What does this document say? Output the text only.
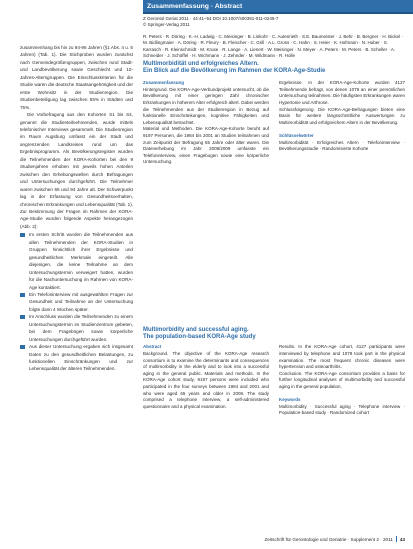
zusammenhang bis hin zu 94-96 Jahren (§1 Abs. 4 u. 5 Jahren) (Tab. 1). Die Stichproben wurden zunächst nach Gemeindegrößengruppen, zwischen rund Stadt- und Landbevölkerung sowie Geschlecht und 10-Jahres-Altersgruppen. Die Einschlusskriterien für die Studie waren die deutsche Staatsangehörigkeit und der erste Wohnsitz in der Studienregion. Die Studienbeteiligung lag zwischen 55% in Städten und 75%.

Die Vorbefragung aus den Kohorten S1 bis S4, genannt die Studienteilnehmenden, wurde mittels telefonischer Interviews gesammelt. Die Studienregion im Raum Augsburg umfasst ein der Stadt und angrenzenden Landkreisen rund um das Ergebnisprogramm. Als Bevölkerungsregister wurden die Teilnehmenden der KORA-Kohorten bei den 9 Studienjahren erhoben mit jeweils hohen Anteilen zwischen den Erhebungswellen durch Befragungen und Untersuchungen durchgeführt. Die Teilnehmer waren zwischen 65 und 94 Jahre alt. Der Schwerpunkt lag in der Erfassung von Gesundheitsverhalten, chronischen Erkrankungen und Lebensqualität (Tab. 1). Zur Bestimmung der Fragen im Rahmen der KORA-Age-Studie wurden folgende Aspekte herangezogen (Abb. 2):

Im ersten Schritt wurden die Teilnehmenden aus allen Teilnehmenden der KORA-Studien in Gruppen hinsichtlich ihrer Ergebnisse und gesundheitlichen Merkmale eingeteilt. Alle diejenigen, die keine Teilnahme an dem Untersuchungstermin verweigert hatten, wurden für die Nachuntersuchung im Rahmen von KORA-Age kontaktiert.
Ein Telefoninterview mit ausgewählten Fragen zur Gesundheit und Teilnahme an der Untersuchung folgte dann 4 Wochen später.
Im Anschluss wurden die Teilnehmenden zu einem Untersuchungstermin im Studienzentrum gebeten, bei dem Fragebögen sowie körperliche Untersuchungen durchgeführt wurden.
Aus dieser Untersuchung ergaben sich insgesamt Daten zu den gesundheitlichen Belastungen, zu funktionellen Einschränkungen und zur Lebensqualität der älteren Teilnehmenden.
Zusammenfassung · Abstract
Z Gerontol Geriat 2011 · 44:41–54 DOI 10.1007/s00391-011-0245-7
© Springer-Verlag 2011
R. Peters · R. Döring · K.-H. Ladwig · C. Meisinger · B. Linkohr · C. Autenrieth · S.E. Baumeister · J. Behr · B. Bergner · H. Bickel · M. Bidlingmaier · A. Döring · R. Fleury · B. Fleischer · C. Grill · A.L. Gross · C. Hahn · S. Heier · K. Hofmann · N. Huber · S. Karrasch · R. Kleinschmidt · M. Kruse · R. Lange · A. Lienert · W. Meisinger · N. Meyer · A. Peters · M. Peters · B. Scheller · A. Schneider · J. Schöffel · H. Wichmann · J. Zehnder · M. Wildmann · R. Holle
Multimorbidität und erfolgreiches Altern.
Ein Blick auf die Bevölkerung im Rahmen der KORA-Age-Studie
Zusammenfassung

Hintergrund. Die KORA-Age-Verbundprojekt untersucht, ob die Bevölkerung mit einer geringen Zahl chronischer Erkrankungen in höherem Alter erfolgreich altert. Dabei werden die Teilnehmenden aus der Studienregion in Bezug auf funktionelle Einschränkungen, kognitive Fähigkeiten und Lebensqualität betrachtet.

Material und Methoden. Die KORA-Age-Kohorte beruht auf 9197 Personen, die 1984 bis 2001 an Studien teilnahmen und zum Zeitpunkt der Befragung 65 Jahre oder älter waren. Die Datenerhebung im Jahr 2008/2009 umfasste ein Telefoninterview, einen Fragebogen sowie eine körperliche Untersuchung.

Ergebnisse. In der KORA-Age-Kohorte wurden 4127 Teilnehmende befragt, von denen 1079 an einer persönlichen Untersuchung teilnahmen. Die häufigsten Erkrankungen waren Hypertonie und Arthrose.

Schlussfolgerung. Die KORA-Age-Befragungen bieten eine Basis für weitere längsschnittliche Auswertungen zu Multimorbidität und erfolgreichem Altern in der Bevölkerung.

Schlüsselwörter

Multimorbidität · Erfolgreiches Altern · Telefoninterview · Bevölkerungsstudie · Randomisierte Kohorte

Multimorbidity and successful aging.
The population-based KORA-Age study
Abstract

Background. The objective of the KORA-Age research consortium is to examine the determinants and consequences of multimorbidity in the elderly and to look into a successful aging in the general public. Materials and methods. In the KORA-Age cohort study, 9197 persons were included who participated in the four surveys between 1984 and 2001 and who were aged 65 years and older in 2008. The study comprised a telephone interview, a self-administered questionnaire and a physical examination.

Results. In the KORA-Age cohort, 4127 participants were interviewed by telephone and 1079 took part in the physical examination. The most frequent chronic diseases were hypertension and osteoarthritis.

Conclusion. The KORA-Age consortium provides a basis for further longitudinal analyses of multimorbidity and successful aging in the general population.

Keywords

Multimorbidity · Successful aging · Telephone interview · Population-based study · Randomized cohort

Zeitschrift für Gerontologie und Geriatrie · Supplement 2 · 2011 43
